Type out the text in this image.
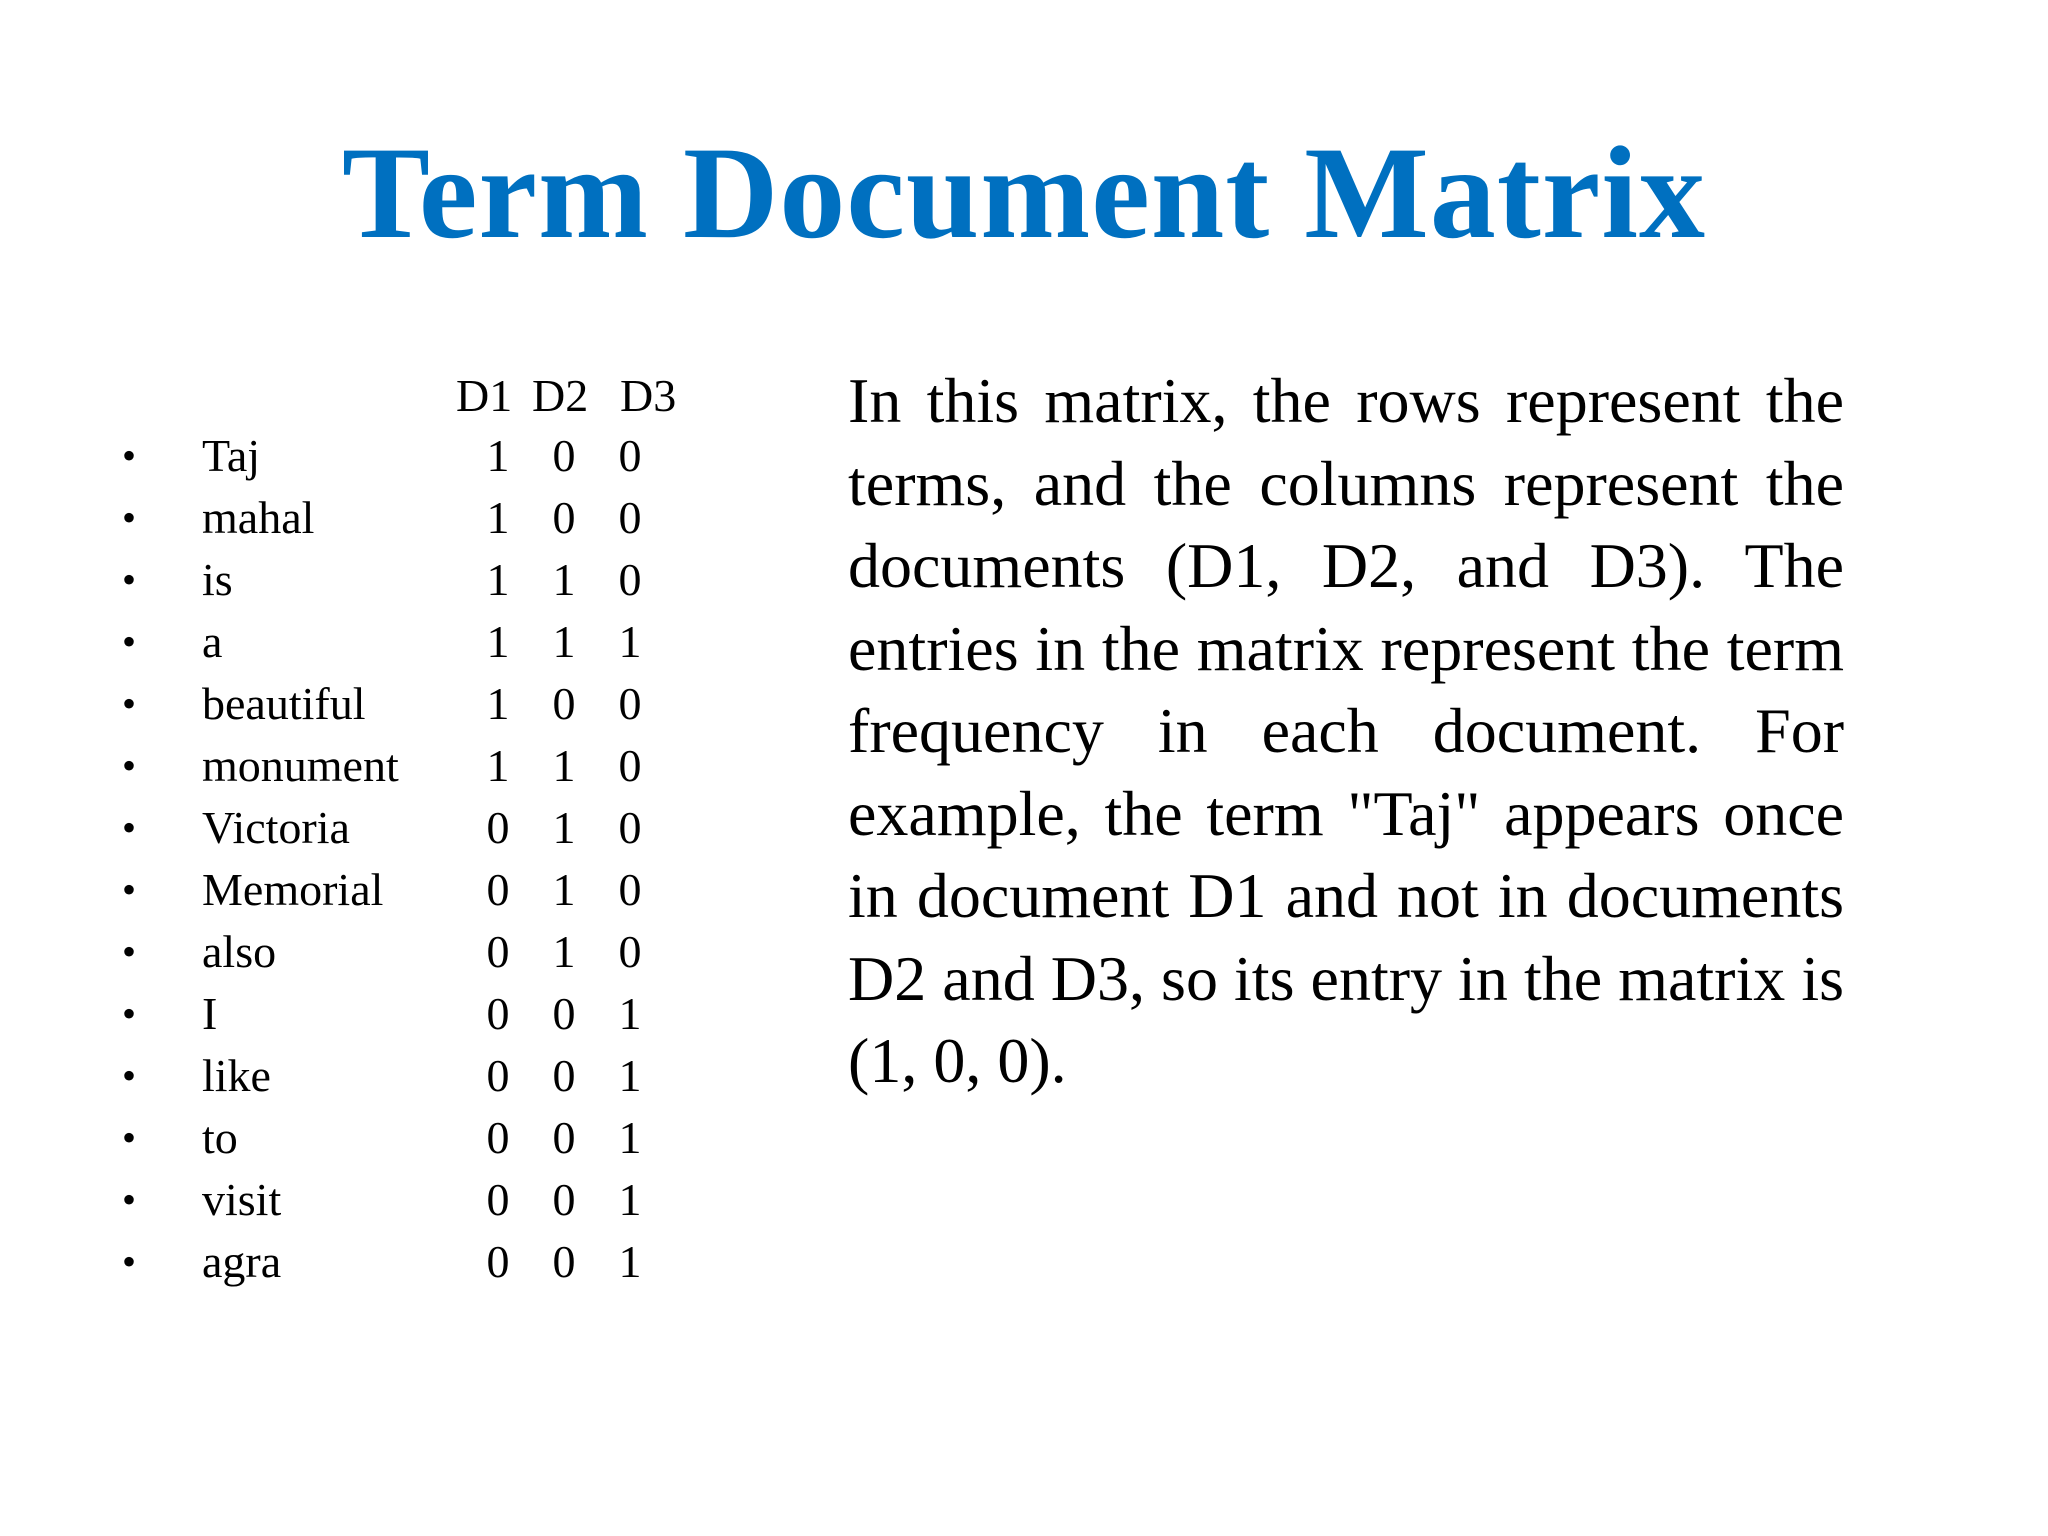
Term Document Matrix
D1 D2 D3
• Taj	1 0 0
• mahal	1 0 0
• is	1 1 0
• a	1 1 1
• beautiful	1 0 0
• monument 1 1 0
• Victoria	0 1 0
• Memorial 0 1 0
• also	0 1 0
• I	0 0 1
• like	0 0 1
• to	0 0 1
• visit	0 0 1
• agra	0 0 1
In this matrix, the rows represent the terms, and the columns represent the documents (D1, D2, and D3). The entries in the matrix represent the term frequency in each document. For example, the term "Taj" appears once in document D1 and not in documents D2 and D3, so its entry in the matrix is (1, 0, 0).
